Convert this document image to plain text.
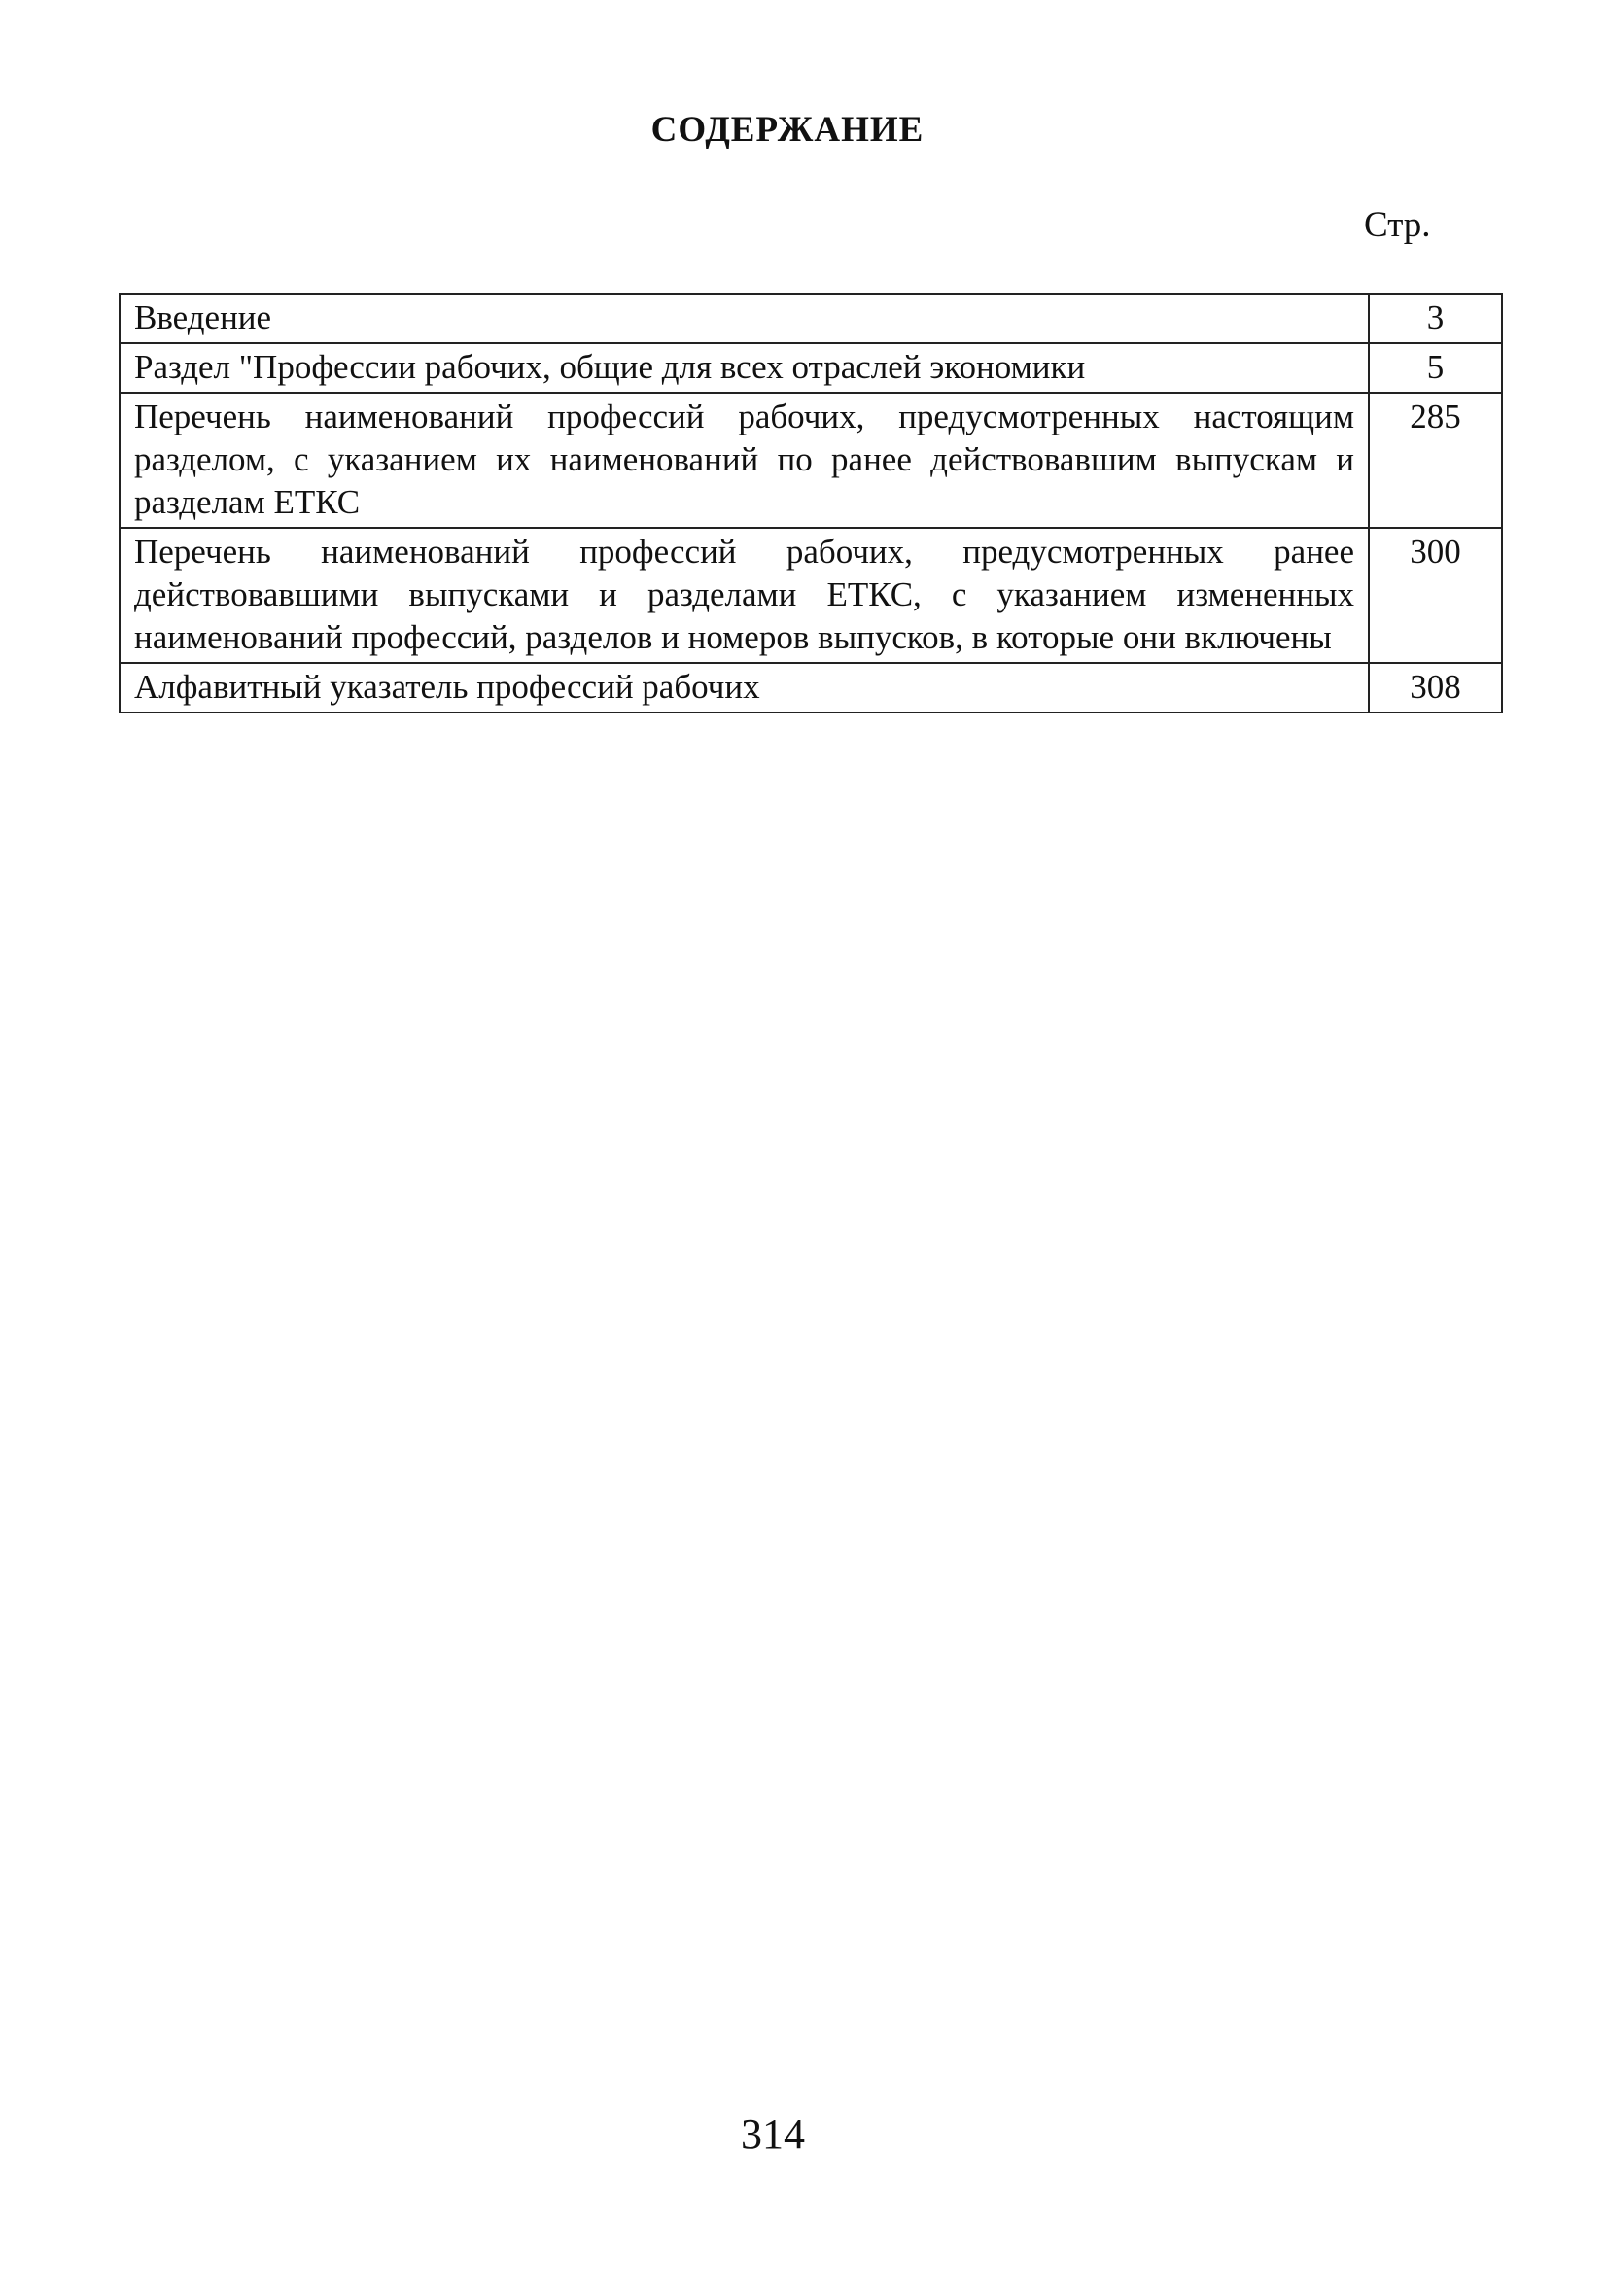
СОДЕРЖАНИЕ
Стр.
Введение	3
Раздел "Профессии рабочих, общие для всех отраслей экономики	5
Перечень наименований профессий рабочих, предусмотренных настоящим разделом, с указанием их наименований по ранее действовавшим выпускам и разделам ЕТКС	285
Перечень наименований профессий рабочих, предусмотренных ранее действовавшими выпусками и разделами ЕТКС, с указанием измененных наименований профессий, разделов и номеров выпусков, в которые они включены	300
Алфавитный указатель профессий рабочих	308
314
